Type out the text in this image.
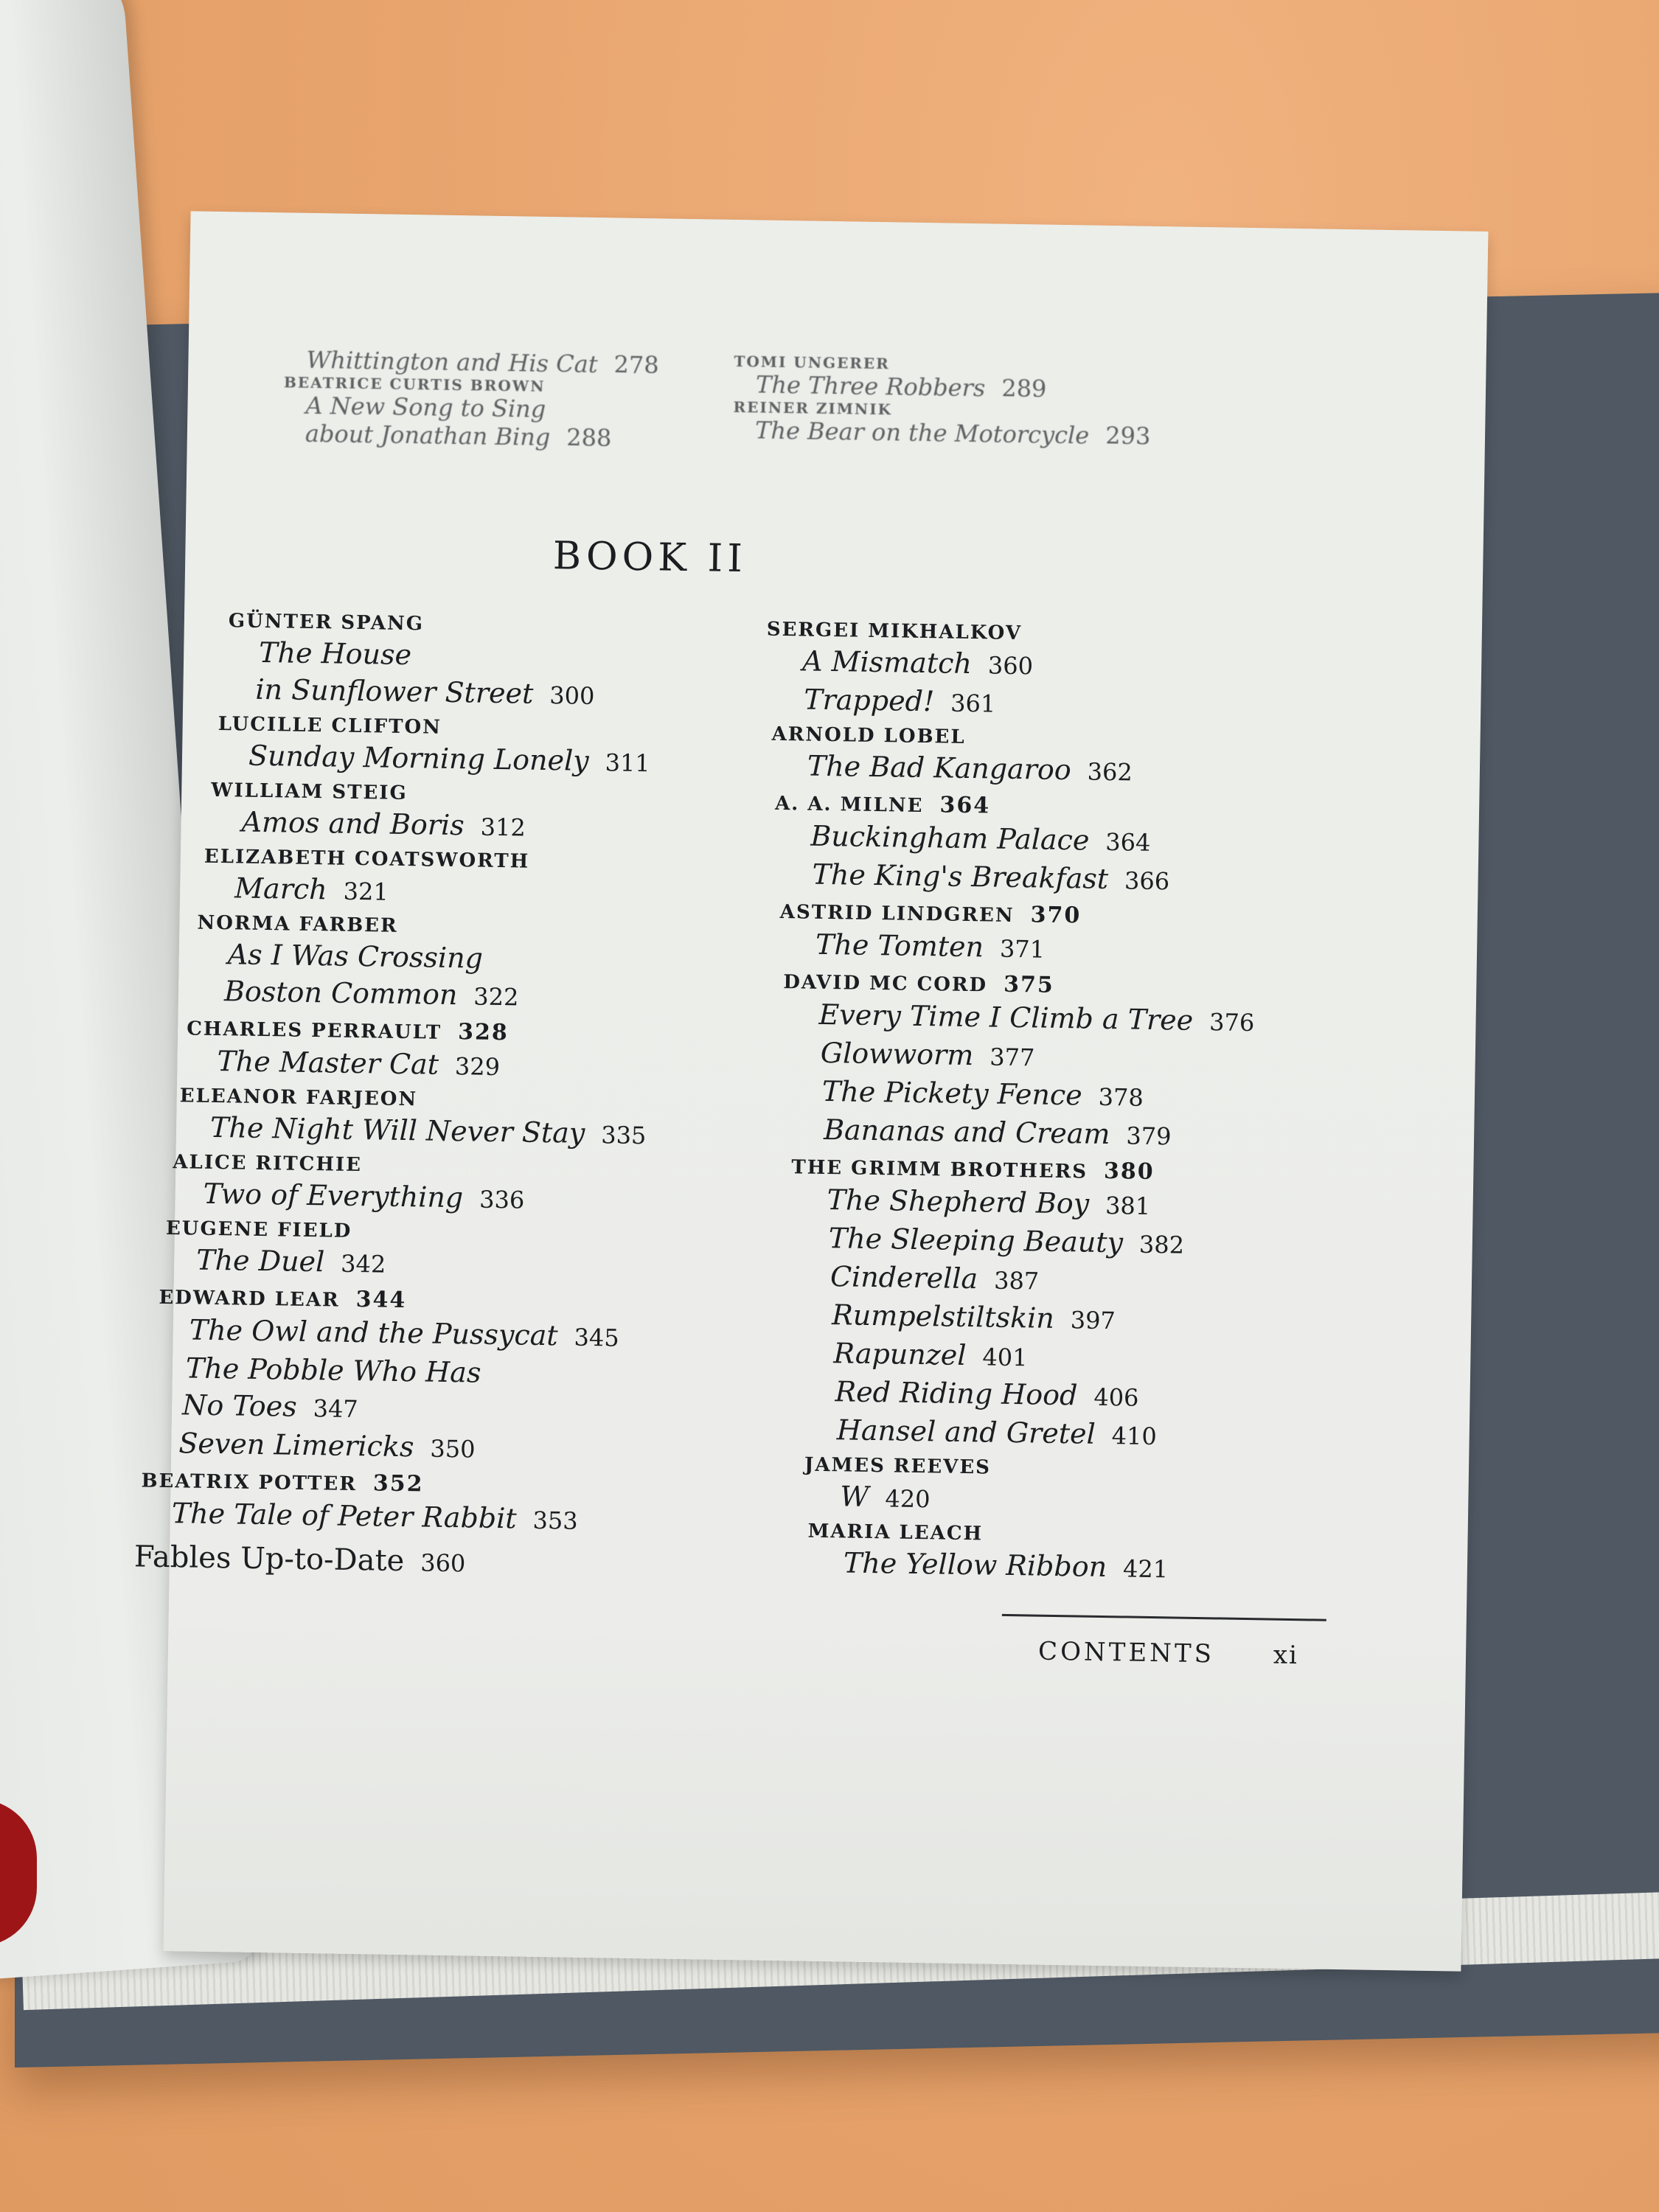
Whittington and His Cat 278
BEATRICE CURTIS BROWN
A New Song to Sing
about Jonathan Bing 288
TOMI UNGERER
The Three Robbers 289
REINER ZIMNIK
The Bear on the Motorcycle 293
BOOK II
GÜNTER SPANG
The House
in Sunflower Street 300
LUCILLE CLIFTON
Sunday Morning Lonely 311
WILLIAM STEIG
Amos and Boris 312
ELIZABETH COATSWORTH
March 321
NORMA FARBER
As I Was Crossing
Boston Common 322
CHARLES PERRAULT 328
The Master Cat 329
ELEANOR FARJEON
The Night Will Never Stay 335
ALICE RITCHIE
Two of Everything 336
EUGENE FIELD
The Duel 342
EDWARD LEAR 344
The Owl and the Pussycat 345
The Pobble Who Has
No Toes 347
Seven Limericks 350
BEATRIX POTTER 352
The Tale of Peter Rabbit 353
Fables Up-to-Date 360
SERGEI MIKHALKOV
A Mismatch 360
Trapped! 361
ARNOLD LOBEL
The Bad Kangaroo 362
A. A. MILNE 364
Buckingham Palace 364
The King's Breakfast 366
ASTRID LINDGREN 370
The Tomten 371
DAVID MC CORD 375
Every Time I Climb a Tree 376
Glowworm 377
The Pickety Fence 378
Bananas and Cream 379
THE GRIMM BROTHERS 380
The Shepherd Boy 381
The Sleeping Beauty 382
Cinderella 387
Rumpelstiltskin 397
Rapunzel 401
Red Riding Hood 406
Hansel and Gretel 410
JAMES REEVES
W 420
MARIA LEACH
The Yellow Ribbon 421
CONTENTS xi
